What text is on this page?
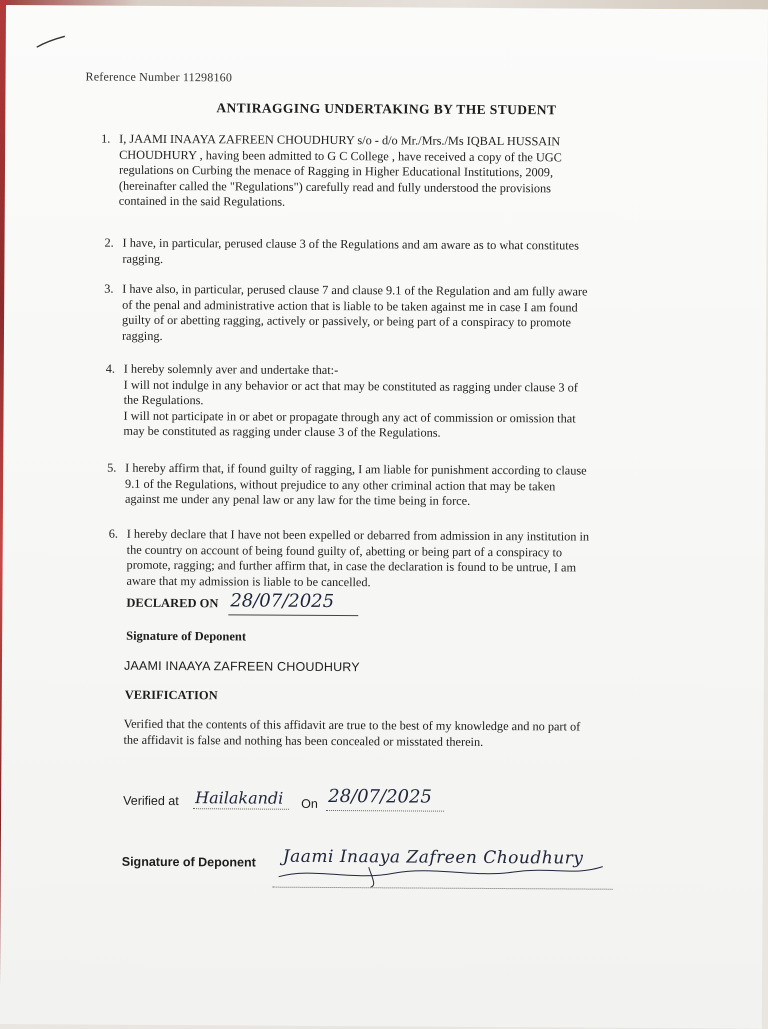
Reference Number 11298160
ANTIRAGGING UNDERTAKING BY THE STUDENT
1. I, JAAMI INAAYA ZAFREEN CHOUDHURY s/o - d/o Mr./Mrs./Ms IQBAL HUSSAIN
CHOUDHURY , having been admitted to G C College , have received a copy of the UGC
regulations on Curbing the menace of Ragging in Higher Educational Institutions, 2009,
(hereinafter called the "Regulations") carefully read and fully understood the provisions
contained in the said Regulations.
2. I have, in particular, perused clause 3 of the Regulations and am aware as to what constitutes
ragging.
3. I have also, in particular, perused clause 7 and clause 9.1 of the Regulation and am fully aware
of the penal and administrative action that is liable to be taken against me in case I am found
guilty of or abetting ragging, actively or passively, or being part of a conspiracy to promote
ragging.
4. I hereby solemnly aver and undertake that:-
I will not indulge in any behavior or act that may be constituted as ragging under clause 3 of
the Regulations.
I will not participate in or abet or propagate through any act of commission or omission that
may be constituted as ragging under clause 3 of the Regulations.
5. I hereby affirm that, if found guilty of ragging, I am liable for punishment according to clause
9.1 of the Regulations, without prejudice to any other criminal action that may be taken
against me under any penal law or any law for the time being in force.
6. I hereby declare that I have not been expelled or debarred from admission in any institution in
the country on account of being found guilty of, abetting or being part of a conspiracy to
promote, ragging; and further affirm that, in case the declaration is found to be untrue, I am
aware that my admission is liable to be cancelled.
DECLARED ON 28/07/2025
Signature of Deponent
JAAMI INAAYA ZAFREEN CHOUDHURY
VERIFICATION
Verified that the contents of this affidavit are true to the best of my knowledge and no part of
the affidavit is false and nothing has been concealed or misstated therein.
Verified at Hailakandi On 28/07/2025
Signature of Deponent Jaami Inaaya Zafreen Choudhury
